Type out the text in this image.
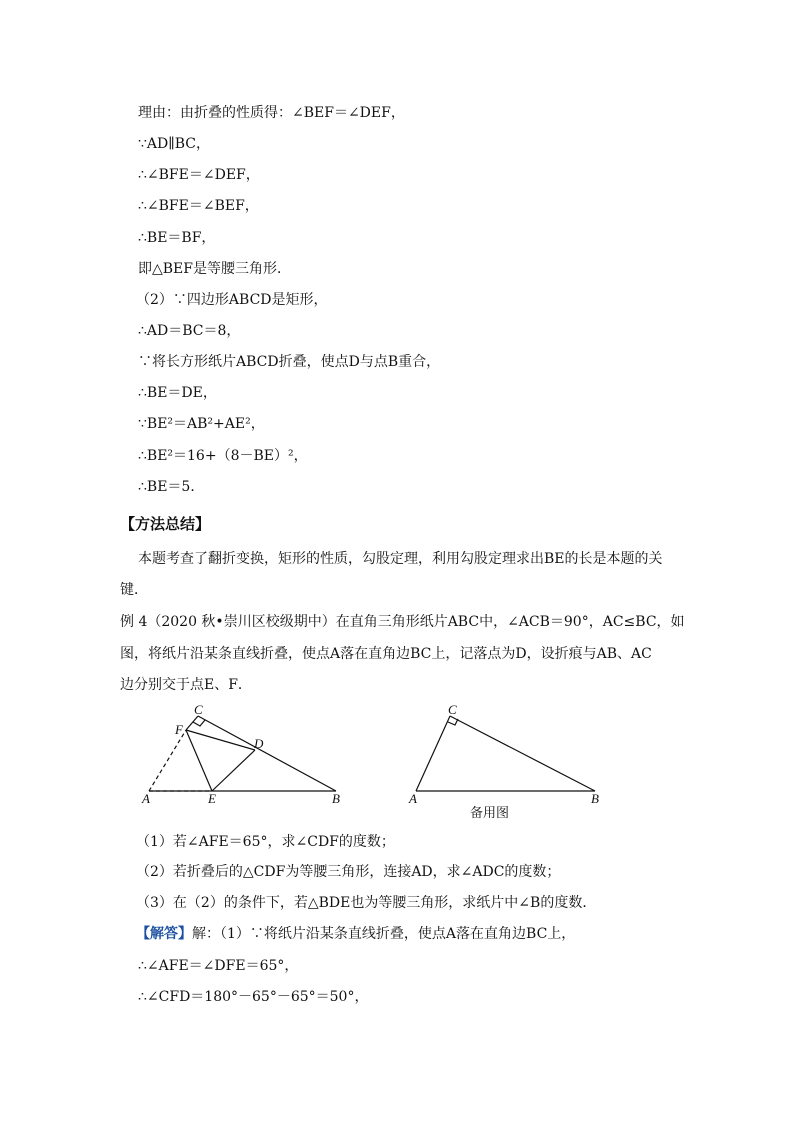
理由：由折叠的性质得：∠BEF＝∠DEF，
∵AD∥BC，
∴∠BFE＝∠DEF，
∴∠BFE＝∠BEF，
∴BE＝BF，
即△BEF是等腰三角形．
（2）∵四边形ABCD是矩形，
∴AD＝BC＝8，
∵将长方形纸片ABCD折叠，使点D与点B重合，
∴BE＝DE，
∵BE²＝AB²+AE²，
∴BE²＝16+（8－BE）²，
∴BE＝5．
【方法总结】
本题考查了翻折变换，矩形的性质，勾股定理，利用勾股定理求出BE的长是本题的关
键．
例 4（2020 秋•崇川区校级期中）在直角三角形纸片ABC中，∠ACB＝90°，AC≤BC，如
图，将纸片沿某条直线折叠，使点A落在直角边BC上，记落点为D，设折痕与AB、AC
边分别交于点E、F．
C
F
D
A	E	B
C
A	B
备用图
（1）若∠AFE＝65°，求∠CDF的度数；
（2）若折叠后的△CDF为等腰三角形，连接AD，求∠ADC的度数；
（3）在（2）的条件下，若△BDE也为等腰三角形，求纸片中∠B的度数．
【解答】解：（1）∵将纸片沿某条直线折叠，使点A落在直角边BC上，
∴∠AFE＝∠DFE＝65°，
∴∠CFD＝180°－65°－65°＝50°，
